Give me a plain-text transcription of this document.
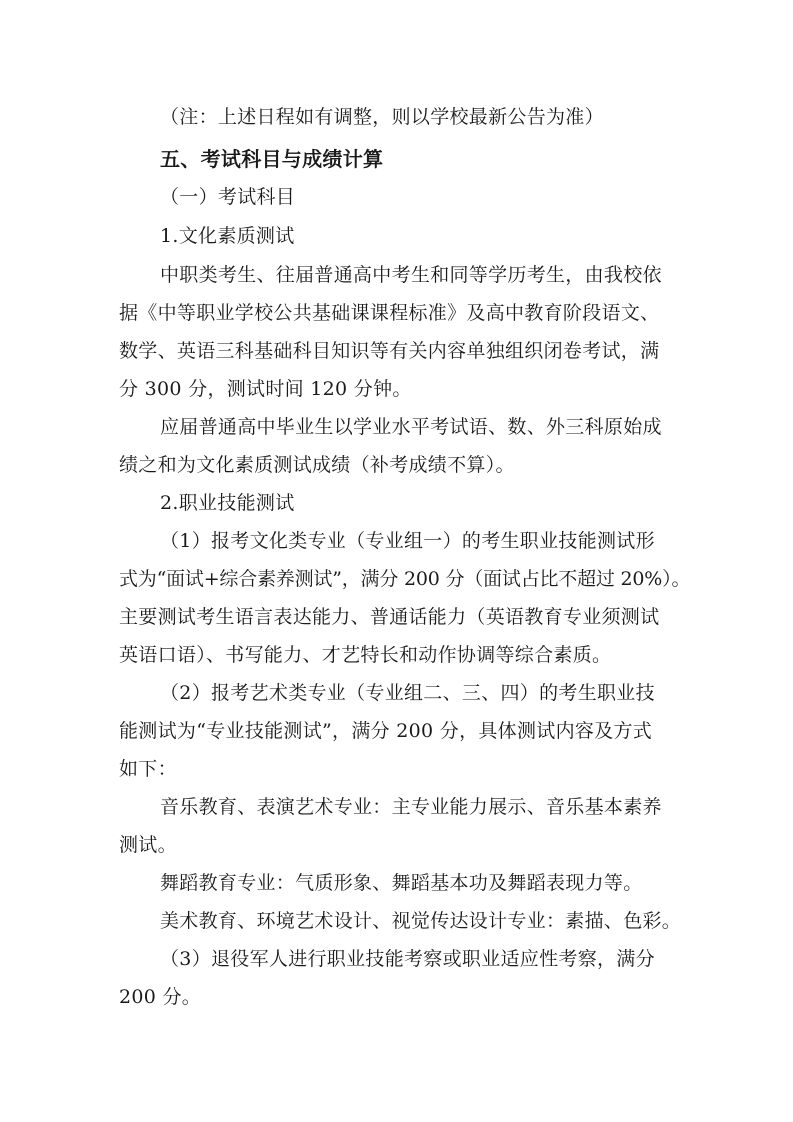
（注：上述日程如有调整，则以学校最新公告为准）
五、考试科目与成绩计算
（一）考试科目
1.文化素质测试
中职类考生、往届普通高中考生和同等学历考生，由我校依
据《中等职业学校公共基础课课程标准》及高中教育阶段语文、
数学、英语三科基础科目知识等有关内容单独组织闭卷考试，满
分 300 分，测试时间 120 分钟。
应届普通高中毕业生以学业水平考试语、数、外三科原始成
绩之和为文化素质测试成绩（补考成绩不算）。
2.职业技能测试
（1）报考文化类专业（专业组一）的考生职业技能测试形
式为“面试+综合素养测试”，满分 200 分（面试占比不超过 20%）。
主要测试考生语言表达能力、普通话能力（英语教育专业须测试
英语口语）、书写能力、才艺特长和动作协调等综合素质。
（2）报考艺术类专业（专业组二、三、四）的考生职业技
能测试为“专业技能测试”，满分 200 分，具体测试内容及方式
如下：
音乐教育、表演艺术专业：主专业能力展示、音乐基本素养
测试。
舞蹈教育专业：气质形象、舞蹈基本功及舞蹈表现力等。
美术教育、环境艺术设计、视觉传达设计专业：素描、色彩。
（3）退役军人进行职业技能考察或职业适应性考察，满分
200 分。
